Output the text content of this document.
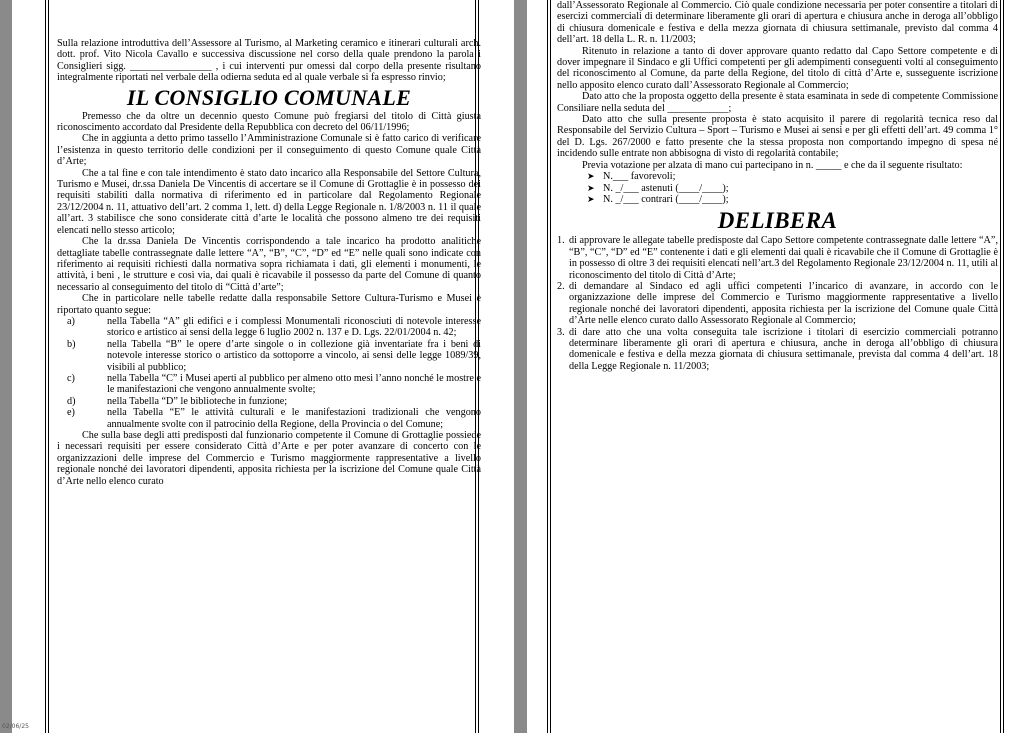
Sulla relazione introduttiva dell’Assessore al Turismo, al Marketing ceramico e itinerari culturali arch. dott. prof. Vito Nicola Cavallo e successiva discussione nel corso della quale prendono la parola i Consiglieri sigg. ________________ , i cui interventi pur omessi dal corpo della presente risultano integralmente riportati nel verbale della odierna seduta ed al quale verbale si fa espresso rinvio;

IL CONSIGLIO COMUNALE

Premesso che da oltre un decennio questo Comune può fregiarsi del titolo di Città giusta riconoscimento accordato dal Presidente della Repubblica con decreto del 06/11/1996;

Che in aggiunta a detto primo tassello l’Amministrazione Comunale si è fatto carico di verificare l’esistenza in questo territorio delle condizioni per il conseguimento di questo Comune quale Città d’Arte;

Che a tal fine e con tale intendimento è stato dato incarico alla Responsabile del Settore Cultura, Turismo e Musei, dr.ssa Daniela De Vincentis di accertare se il Comune di Grottaglie è in possesso dei requisiti stabiliti dalla normativa di riferimento ed in particolare dal Regolamento Regionale 23/12/2004 n. 11, attuativo dell’art. 2 comma 1, lett. d) della Legge Regionale n. 1/8/2003 n. 11 il quale all’art. 3 stabilisce che sono considerate città d’arte le località che possono almeno tre dei requisiti elencati nello stesso articolo;

Che la dr.ssa Daniela De Vincentis corrispondendo a tale incarico ha prodotto analitiche dettagliate tabelle contrassegnate dalle lettere “A”, “B”, “C”, “D” ed “E” nelle quali sono indicate con riferimento ai requisiti richiesti dalla normativa sopra richiamata i dati, gli elementi i monumenti, le attività, i beni , le strutture e così via, dai quali è ricavabile il possesso da parte del Comune di quanto necessario al conseguimento del titolo di “Città d’arte”;

Che in particolare nelle tabelle redatte dalla responsabile Settore Cultura-Turismo e Musei è riportato quanto segue:

a)	nella Tabella “A” gli edifici e i complessi Monumentali riconosciuti di notevole interesse storico e artistico ai sensi della legge 6 luglio 2002 n. 137 e D. Lgs. 22/01/2004 n. 42;
b)	nella Tabella “B” le opere d’arte singole o in collezione già inventariate fra i beni di notevole interesse storico o artistico da sottoporre a vincolo, ai sensi delle legge 1089/39, visibili al pubblico;
c)	nella Tabella “C” i Musei aperti al pubblico per almeno otto mesi l’anno nonché le mostre e le manifestazioni che vengono annualmente svolte;
d)	nella Tabella “D” le biblioteche in funzione;
e)	nella Tabella “E” le attività culturali e le manifestazioni tradizionali che vengono annualmente svolte con il patrocinio della Regione, della Provincia o del Comune;

Che sulla base degli atti predisposti dal funzionario competente il Comune di Grottaglie possiede i necessari requisiti per essere considerato Città d’Arte e per poter avanzare di concerto con le organizzazioni delle imprese del Commercio e Turismo maggiormente rappresentative a livello regionale nonché dei lavoratori dipendenti, apposita richiesta per la iscrizione del Comune quale Città d’Arte nello elenco curato

dall’Assessorato Regionale al Commercio. Ciò quale condizione necessaria per poter consentire a titolari di esercizi commerciali di determinare liberamente gli orari di apertura e chiusura anche in deroga all’obbligo di chiusura domenicale e festiva e della mezza giornata di chiusura settimanale, previsto dal comma 4 dell’art. 18 della L. R. n. 11/2003;

Ritenuto in relazione a tanto di dover approvare quanto redatto dal Capo Settore competente e di dover impegnare il Sindaco e gli Uffici competenti per gli adempimenti conseguenti volti al conseguimento del riconoscimento al Comune, da parte della Regione, del titolo di città d’Arte e, susseguente iscrizione nello apposito elenco curato dall’Assessorato Regionale al Commercio;

Dato atto che la proposta oggetto della presente è stata esaminata in sede di competente Commissione Consiliare nella seduta del ____________;

Dato atto che sulla presente proposta è stato acquisito il parere di regolarità tecnica reso dal Responsabile del Servizio Cultura – Sport – Turismo e Musei ai sensi e per gli effetti dell’art. 49 comma 1° del D. Lgs. 267/2000 e fatto presente che la stessa proposta non comportando impegno di spesa né incidendo sulle entrate non abbisogna di visto di regolarità contabile;

Previa votazione per alzata di mano cui partecipano in n. _____ e che da il seguente risultato:

➤ N.___ favorevoli;
➤ N. _/___ astenuti (____/____);
➤ N. _/___ contrari (____/____);
DELIBERA
1. di approvare le allegate tabelle predisposte dal Capo Settore competente contrassegnate dalle lettere “A”, “B”, “C”, “D” ed “E” contenente i dati e gli elementi dai quali è ricavabile che il Comune di Grottaglie è in possesso di oltre 3 dei requisiti elencati nell’art.3 del Regolamento Regionale 23/12/2004 n. 11, utili al riconoscimento del titolo di Città d’Arte;
2. di demandare al Sindaco ed agli uffici competenti l’incarico di avanzare, in accordo con le organizzazione delle imprese del Commercio e Turismo maggiormente rappresentative a livello regionale nonché dei lavoratori dipendenti, apposita richiesta per la iscrizione del Comune quale Città d’Arte nelle elenco curato dallo Assessorato Regionale al Commercio;
3. di dare atto che una volta conseguita tale iscrizione i titolari di esercizio commerciali potranno determinare liberamente gli orari di apertura e chiusura, anche in deroga all’obbligo di chiusura domenicale e festiva e della mezza giornata di chiusura settimanale, prevista dal comma 4 dell’art. 18 della Legge Regionale n. 11/2003;
02/06/25
